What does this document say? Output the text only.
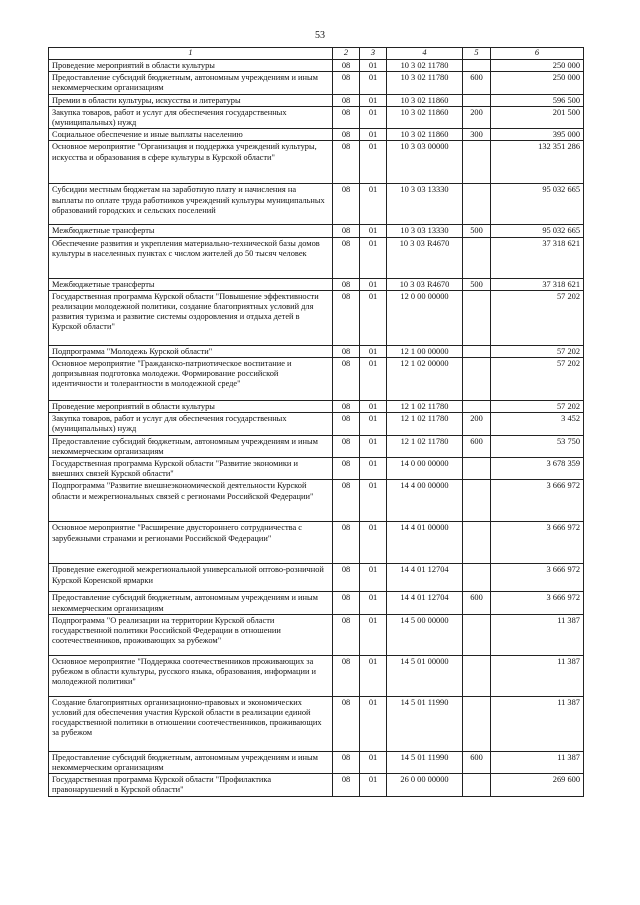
53
1	2	3	4	5	6
Проведение мероприятий в области культуры	08	01	10 3 02 11780		250 000
Предоставление субсидий бюджетным, автономным учреждениям и иным некоммерческим организациям	08	01	10 3 02 11780	600	250 000
Премии в области культуры, искусства и литературы	08	01	10 3 02 11860		596 500
Закупка товаров, работ и услуг для обеспечения государственных (муниципальных) нужд	08	01	10 3 02 11860	200	201 500
Социальное обеспечение и иные выплаты населению	08	01	10 3 02 11860	300	395 000
Основное мероприятие "Организация и поддержка учреждений культуры, искусства и образования в сфере культуры в Курской области"	08	01	10 3 03 00000		132 351 286
Субсидии местным бюджетам на заработную плату и начисления на выплаты по оплате труда работников учреждений культуры муниципальных образований городских и сельских поселений	08	01	10 3 03 13330		95 032 665
Межбюджетные трансферты	08	01	10 3 03 13330	500	95 032 665
Обеспечение развития и укрепления материально-технической базы домов культуры в населенных пунктах с числом жителей до 50 тысяч человек	08	01	10 3 03 R4670		37 318 621
Межбюджетные трансферты	08	01	10 3 03 R4670	500	37 318 621
Государственная программа Курской области "Повышение эффективности реализации молодежной политики, создание благоприятных условий для развития туризма и развитие системы оздоровления и отдыха детей в Курской области"	08	01	12 0 00 00000		57 202
Подпрограмма "Молодежь Курской области"	08	01	12 1 00 00000		57 202
Основное мероприятие "Гражданско-патриотическое воспитание и допризывная подготовка молодежи. Формирование российской идентичности и толерантности в молодежной среде"	08	01	12 1 02 00000		57 202
Проведение мероприятий в области культуры	08	01	12 1 02 11780		57 202
Закупка товаров, работ и услуг для обеспечения государственных (муниципальных) нужд	08	01	12 1 02 11780	200	3 452
Предоставление субсидий бюджетным, автономным учреждениям и иным некоммерческим организациям	08	01	12 1 02 11780	600	53 750
Государственная программа Курской области "Развитие экономики и внешних связей Курской области"	08	01	14 0 00 00000		3 678 359
Подпрограмма "Развитие внешнеэкономической деятельности Курской области и межрегиональных связей с регионами Российской Федерации"	08	01	14 4 00 00000		3 666 972
Основное мероприятие "Расширение двустороннего сотрудничества с зарубежными странами и регионами Российской Федерации"	08	01	14 4 01 00000		3 666 972
Проведение ежегодной межрегиональной универсальной оптово-розничной Курской Коренской ярмарки	08	01	14 4 01 12704		3 666 972
Предоставление субсидий бюджетным, автономным учреждениям и иным некоммерческим организациям	08	01	14 4 01 12704	600	3 666 972
Подпрограмма "О реализации на территории Курской области государственной политики Российской Федерации в отношении соотечественников, проживающих за рубежом"	08	01	14 5 00 00000		11 387
Основное мероприятие "Поддержка соотечественников проживающих за рубежом в области культуры, русского языка, образования, информации и молодежной политики"	08	01	14 5 01 00000		11 387
Создание благоприятных организационно-правовых и экономических условий для обеспечения участия Курской области в реализации единой государственной политики в отношении соотечественников, проживающих за рубежом	08	01	14 5 01 11990		11 387
Предоставление субсидий бюджетным, автономным учреждениям и иным некоммерческим организациям	08	01	14 5 01 11990	600	11 387
Государственная программа Курской области "Профилактика правонарушений в Курской области"	08	01	26 0 00 00000		269 600
